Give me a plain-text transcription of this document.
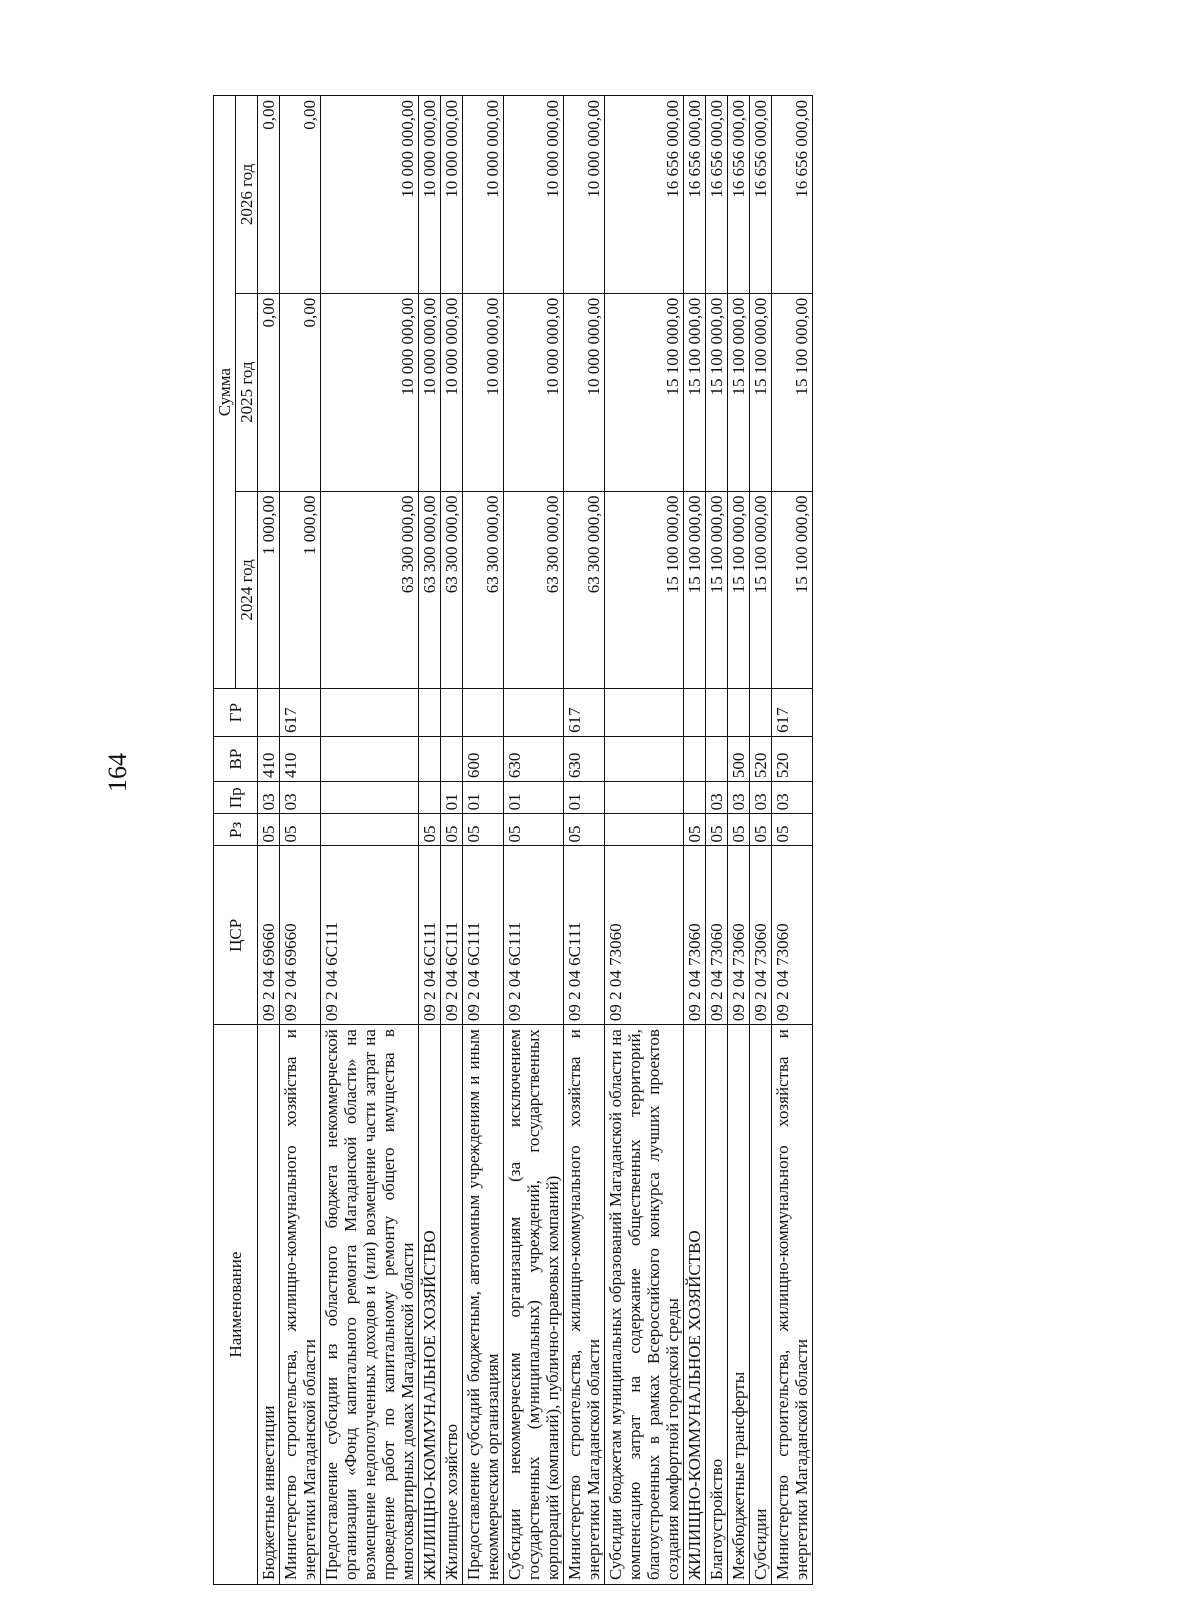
164
Наименование	ЦСР	Рз	Пр	ВР	ГР	Сумма		
						2024 год	2025 год	2026 год
Бюджетные инвестиции	09 2 04 69660	05	03	410		1 000,00	0,00	0,00
Министерство строительства, жилищно-коммунального хозяйства и энергетики Магаданской области	09 2 04 69660	05	03	410	617	1 000,00	0,00	0,00
Предоставление субсидии из областного бюджета некоммерческой организации «Фонд капитального ремонта Магаданской области» на возмещение недополученных доходов и (или) возмещение части затрат на проведение работ по капитальному ремонту общего имущества в многоквартирных домах Магаданской области	09 2 04 6С111					63 300 000,00	10 000 000,00	10 000 000,00
ЖИЛИЩНО-КОММУНАЛЬНОЕ ХОЗЯЙСТВО	09 2 04 6С111	05				63 300 000,00	10 000 000,00	10 000 000,00
Жилищное хозяйство	09 2 04 6С111	05	01			63 300 000,00	10 000 000,00	10 000 000,00
Предоставление субсидий бюджетным, автономным учреждениям и иным некоммерческим организациям	09 2 04 6С111	05	01	600		63 300 000,00	10 000 000,00	10 000 000,00
Субсидии некоммерческим организациям (за исключением государственных (муниципальных) учреждений, государственных корпораций (компаний), публично-правовых компаний)	09 2 04 6С111	05	01	630		63 300 000,00	10 000 000,00	10 000 000,00
Министерство строительства, жилищно-коммунального хозяйства и энергетики Магаданской области	09 2 04 6С111	05	01	630	617	63 300 000,00	10 000 000,00	10 000 000,00
Субсидии бюджетам муниципальных образований Магаданской области на компенсацию затрат на содержание общественных территорий, благоустроенных в рамках Всероссийского конкурса лучших проектов создания комфортной городской среды	09 2 04 73060					15 100 000,00	15 100 000,00	16 656 000,00
ЖИЛИЩНО-КОММУНАЛЬНОЕ ХОЗЯЙСТВО	09 2 04 73060	05				15 100 000,00	15 100 000,00	16 656 000,00
Благоустройство	09 2 04 73060	05	03			15 100 000,00	15 100 000,00	16 656 000,00
Межбюджетные трансферты	09 2 04 73060	05	03	500		15 100 000,00	15 100 000,00	16 656 000,00
Субсидии	09 2 04 73060	05	03	520		15 100 000,00	15 100 000,00	16 656 000,00
Министерство строительства, жилищно-коммунального хозяйства и энергетики Магаданской области	09 2 04 73060	05	03	520	617	15 100 000,00	15 100 000,00	16 656 000,00
